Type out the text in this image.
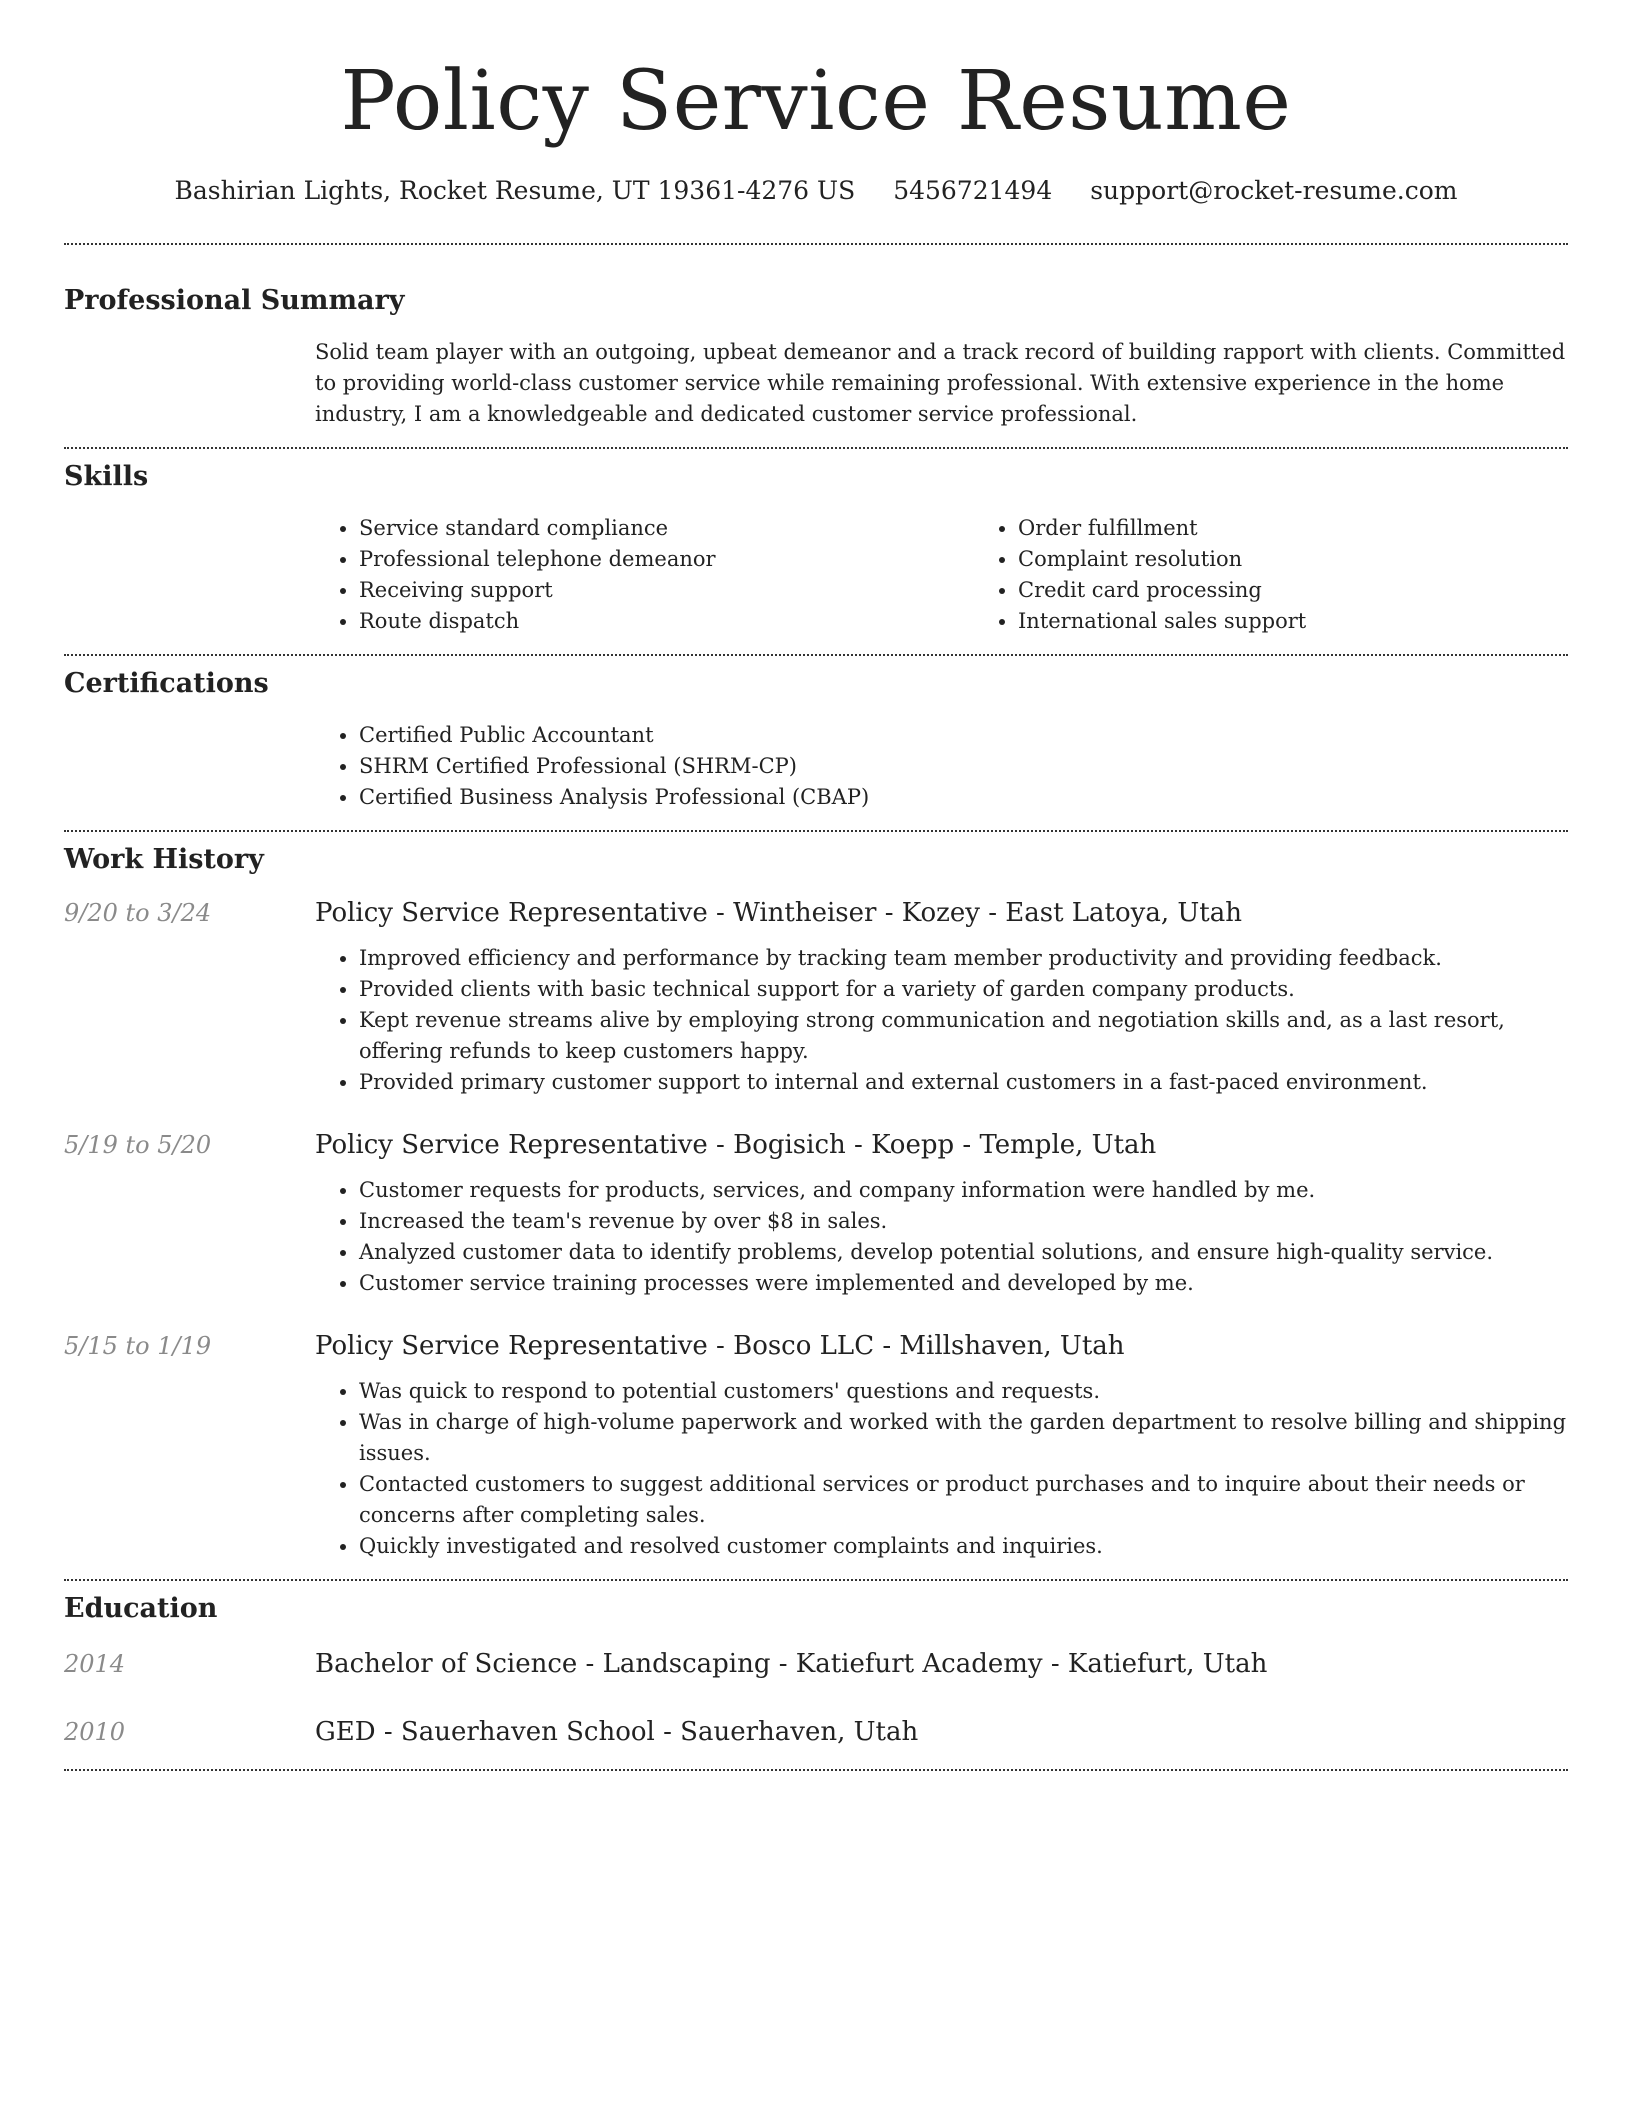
Policy Service Resume
Bashirian Lights, Rocket Resume, UT 19361-4276 US 5456721494 support@rocket-resume.com
Professional Summary

Solid team player with an outgoing, upbeat demeanor and a track record of building rapport with clients. Committed to providing world-class customer service while remaining professional. With extensive experience in the home industry, I am a knowledgeable and dedicated customer service professional.

Skills
• Service standard compliance
• Professional telephone demeanor
• Receiving support
• Route dispatch
• Order fulfillment
• Complaint resolution
• Credit card processing
• International sales support
Certifications
• Certified Public Accountant
• SHRM Certified Professional (SHRM-CP)
• Certified Business Analysis Professional (CBAP)
Work History
9/20 to 3/24	Policy Service Representative - Wintheiser - Kozey - East Latoya, Utah
• Improved efficiency and performance by tracking team member productivity and providing feedback.
• Provided clients with basic technical support for a variety of garden company products.
• Kept revenue streams alive by employing strong communication and negotiation skills and, as a last resort, offering refunds to keep customers happy.
• Provided primary customer support to internal and external customers in a fast-paced environment.
5/19 to 5/20	Policy Service Representative - Bogisich - Koepp - Temple, Utah
• Customer requests for products, services, and company information were handled by me.
• Increased the team's revenue by over $8 in sales.
• Analyzed customer data to identify problems, develop potential solutions, and ensure high-quality service.
• Customer service training processes were implemented and developed by me.
5/15 to 1/19	Policy Service Representative - Bosco LLC - Millshaven, Utah
• Was quick to respond to potential customers' questions and requests.
• Was in charge of high-volume paperwork and worked with the garden department to resolve billing and shipping issues.
• Contacted customers to suggest additional services or product purchases and to inquire about their needs or concerns after completing sales.
• Quickly investigated and resolved customer complaints and inquiries.
Education
2014	Bachelor of Science - Landscaping - Katiefurt Academy - Katiefurt, Utah
2010	GED - Sauerhaven School - Sauerhaven, Utah
